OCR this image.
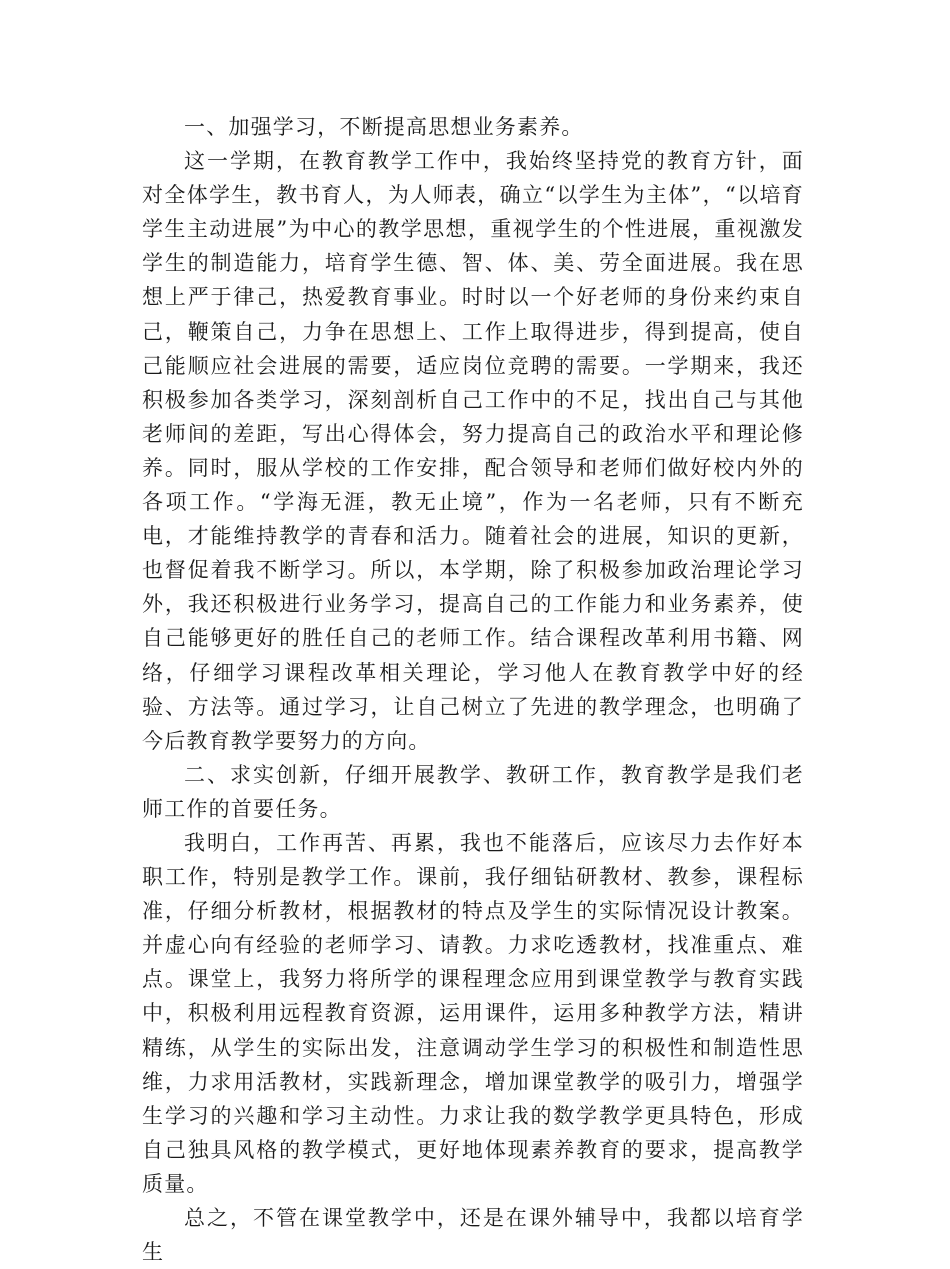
一、加强学习，不断提高思想业务素养。

这一学期，在教育教学工作中，我始终坚持党的教育方针，面对全体学生，教书育人，为人师表，确立“以学生为主体”，“以培育学生主动进展”为中心的教学思想，重视学生的个性进展，重视激发学生的制造能力，培育学生德、智、体、美、劳全面进展。我在思想上严于律己，热爱教育事业。时时以一个好老师的身份来约束自己，鞭策自己，力争在思想上、工作上取得进步，得到提高，使自己能顺应社会进展的需要，适应岗位竞聘的需要。一学期来，我还积极参加各类学习，深刻剖析自己工作中的不足，找出自己与其他老师间的差距，写出心得体会，努力提高自己的政治水平和理论修养。同时，服从学校的工作安排，配合领导和老师们做好校内外的各项工作。“学海无涯，教无止境”，作为一名老师，只有不断充电，才能维持教学的青春和活力。随着社会的进展，知识的更新，也督促着我不断学习。所以，本学期，除了积极参加政治理论学习外，我还积极进行业务学习，提高自己的工作能力和业务素养，使自己能够更好的胜任自己的老师工作。结合课程改革利用书籍、网络，仔细学习课程改革相关理论，学习他人在教育教学中好的经验、方法等。通过学习，让自己树立了先进的教学理念，也明确了今后教育教学要努力的方向。

二、求实创新，仔细开展教学、教研工作，教育教学是我们老师工作的首要任务。

我明白，工作再苦、再累，我也不能落后，应该尽力去作好本职工作，特别是教学工作。课前，我仔细钻研教材、教参，课程标准，仔细分析教材，根据教材的特点及学生的实际情况设计教案。并虚心向有经验的老师学习、请教。力求吃透教材，找准重点、难点。课堂上，我努力将所学的课程理念应用到课堂教学与教育实践中，积极利用远程教育资源，运用课件，运用多种教学方法，精讲精练，从学生的实际出发，注意调动学生学习的积极性和制造性思维，力求用活教材，实践新理念，增加课堂教学的吸引力，增强学生学习的兴趣和学习主动性。力求让我的数学教学更具特色，形成自己独具风格的教学模式，更好地体现素养教育的要求，提高教学质量。

总之，不管在课堂教学中，还是在课外辅导中，我都以培育学生
